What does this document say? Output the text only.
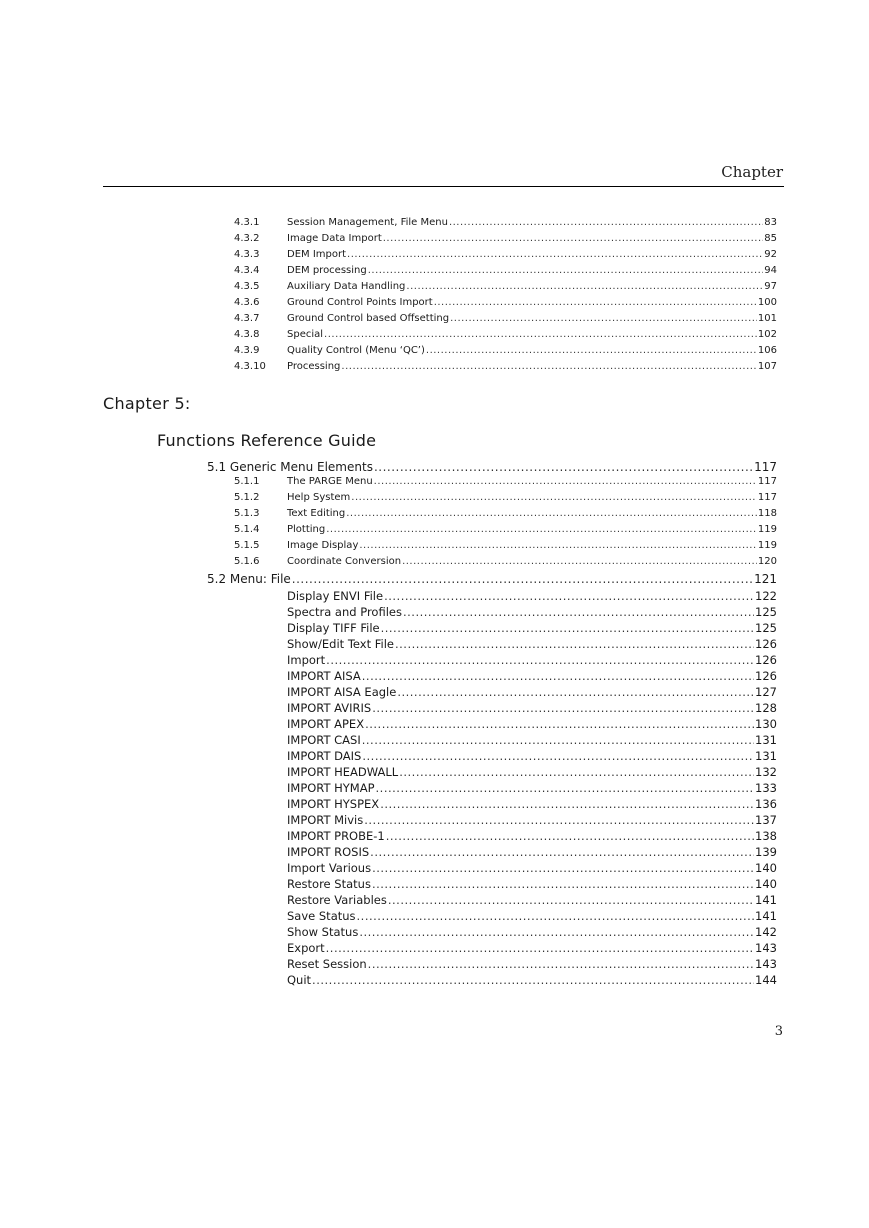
Chapter
4.3.1	Session Management, File Menu .....	83
4.3.2	Image Data Import .....	85
4.3.3	DEM Import .....	92
4.3.4	DEM processing .....	94
4.3.5	Auxiliary Data Handling .....	97
4.3.6	Ground Control Points Import .....	100
4.3.7	Ground Control based Offsetting .....	101
4.3.8	Special .....	102
4.3.9	Quality Control (Menu ‘QC’) .....	106
4.3.10	Processing .....	107
Chapter 5:
Functions Reference Guide
5.1 Generic Menu Elements .....	117
5.1.1	The PARGE Menu .....	117
5.1.2	Help System .....	117
5.1.3	Text Editing .....	118
5.1.4	Plotting .....	119
5.1.5	Image Display .....	119
5.1.6	Coordinate Conversion .....	120
5.2 Menu: File .....	121
Display ENVI File .....	122
Spectra and Profiles .....	125
Display TIFF File .....	125
Show/Edit Text File .....	126
Import .....	126
IMPORT AISA .....	126
IMPORT AISA Eagle .....	127
IMPORT AVIRIS .....	128
IMPORT APEX .....	130
IMPORT CASI .....	131
IMPORT DAIS .....	131
IMPORT HEADWALL .....	132
IMPORT HYMAP .....	133
IMPORT HYSPEX .....	136
IMPORT Mivis .....	137
IMPORT PROBE-1 .....	138
IMPORT ROSIS .....	139
Import Various .....	140
Restore Status .....	140
Restore Variables .....	141
Save Status .....	141
Show Status .....	142
Export .....	143
Reset Session .....	143
Quit .....	144
3
